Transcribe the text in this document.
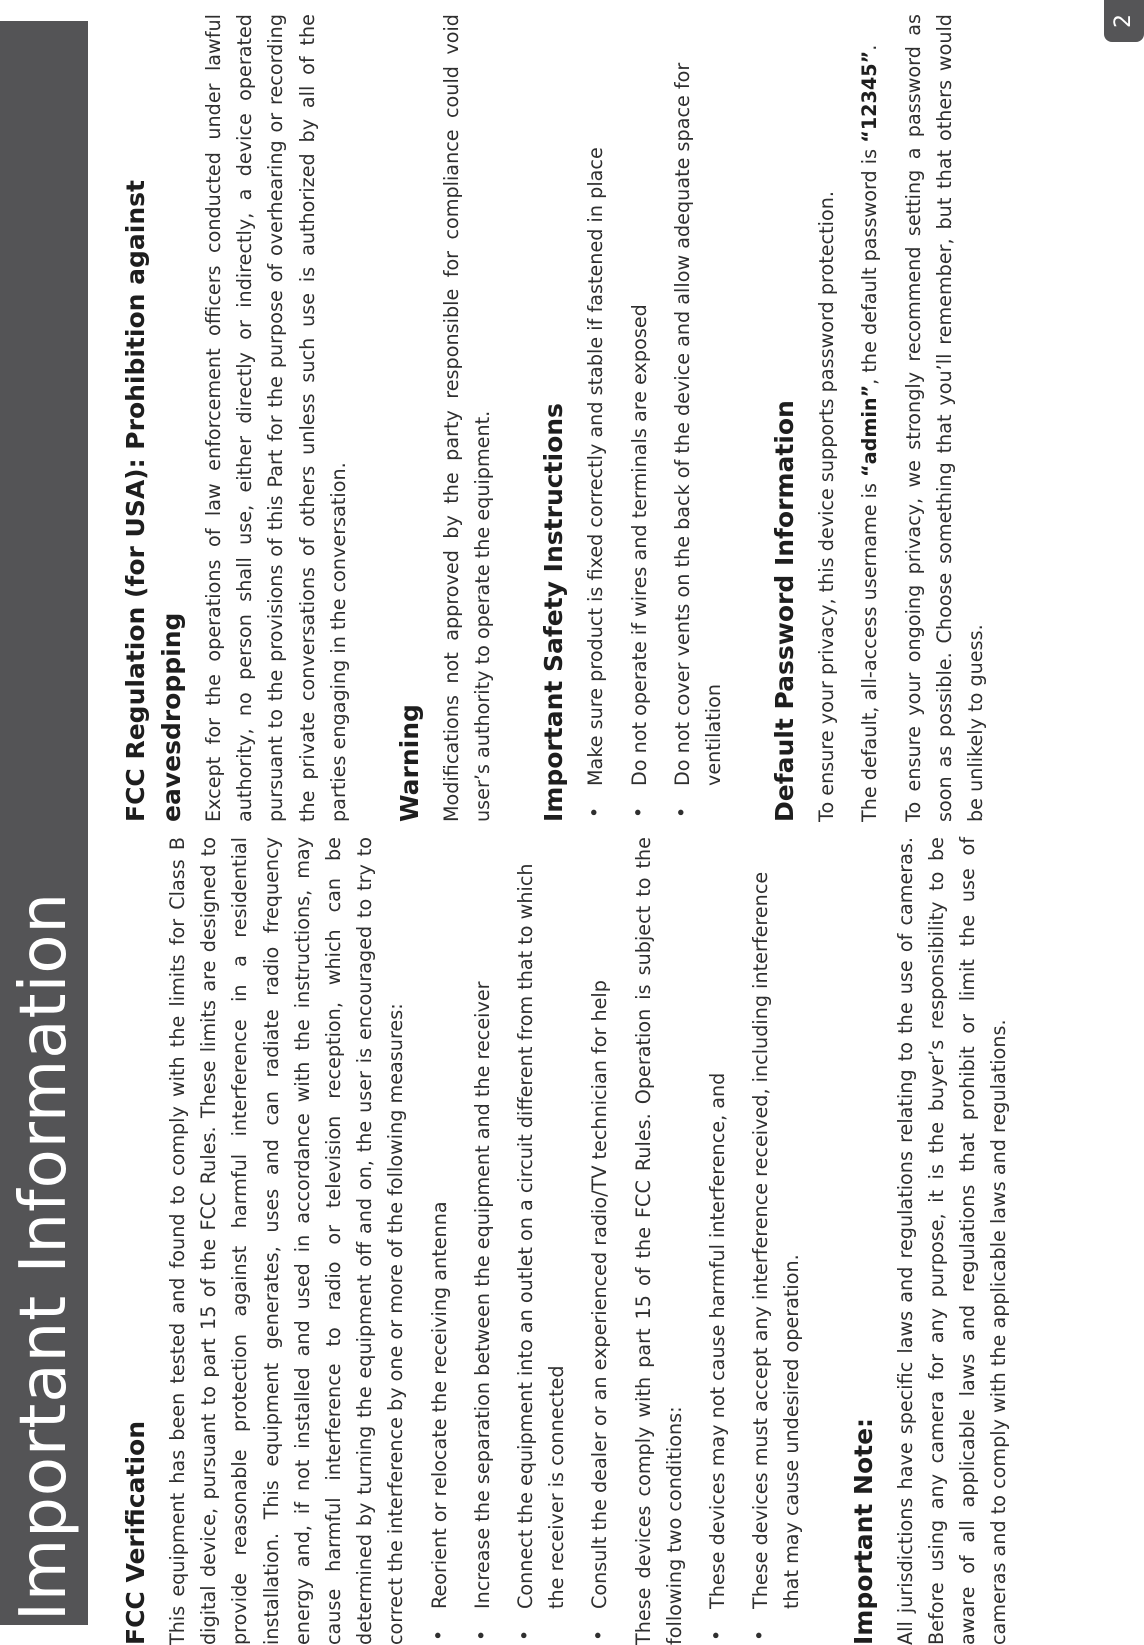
Important Information
2
FCC Verification This equipment has been tested and found to comply with the limits for Class B digital device, pursuant to part 15 of the FCC Rules. These limits are designed to provide reasonable protection against harmful interference in a residential installation. This equipment generates, uses and can radiate radio frequency energy and, if not installed and used in accordance with the instructions, may cause harmful interference to radio or television reception, which can be determined by turning the equipment off and on, the user is encouraged to try to correct the interference by one or more of the following measures: • Reorient or relocate the receiving antenna • Increase the separation between the equipment and the receiver • Connect the equipment into an outlet on a circuit different from that to which the receiver is connected • Consult the dealer or an experienced radio/TV technician for help These devices comply with part 15 of the FCC Rules. Operation is subject to the following two conditions: • These devices may not cause harmful interference, and • These devices must accept any interference received, including interference that may cause undesired operation. Important Note: All jurisdictions have specific laws and regulations relating to the use of cameras. Before using any camera for any purpose, it is the buyer’s responsibility to be aware of all applicable laws and regulations that prohibit or limit the use of cameras and to comply with the applicable laws and regulations.

FCC Regulation (for USA): Prohibition against eavesdropping Except for the operations of law enforcement officers conducted under lawful authority, no person shall use, either directly or indirectly, a device operated pursuant to the provisions of this Part for the purpose of overhearing or recording the private conversations of others unless such use is authorized by all of the parties engaging in the conversation. Warning Modifications not approved by the party responsible for compliance could void user’s authority to operate the equipment. Important Safety Instructions • Make sure product is fixed correctly and stable if fastened in place • Do not operate if wires and terminals are exposed • Do not cover vents on the back of the device and allow adequate space for ventilation Default Password Information To ensure your privacy, this device supports password protection. The default, all-access username is “admin”, the default password is “12345”. To ensure your ongoing privacy, we strongly recommend setting a password as soon as possible. Choose something that you’ll remember, but that others would be unlikely to guess.
